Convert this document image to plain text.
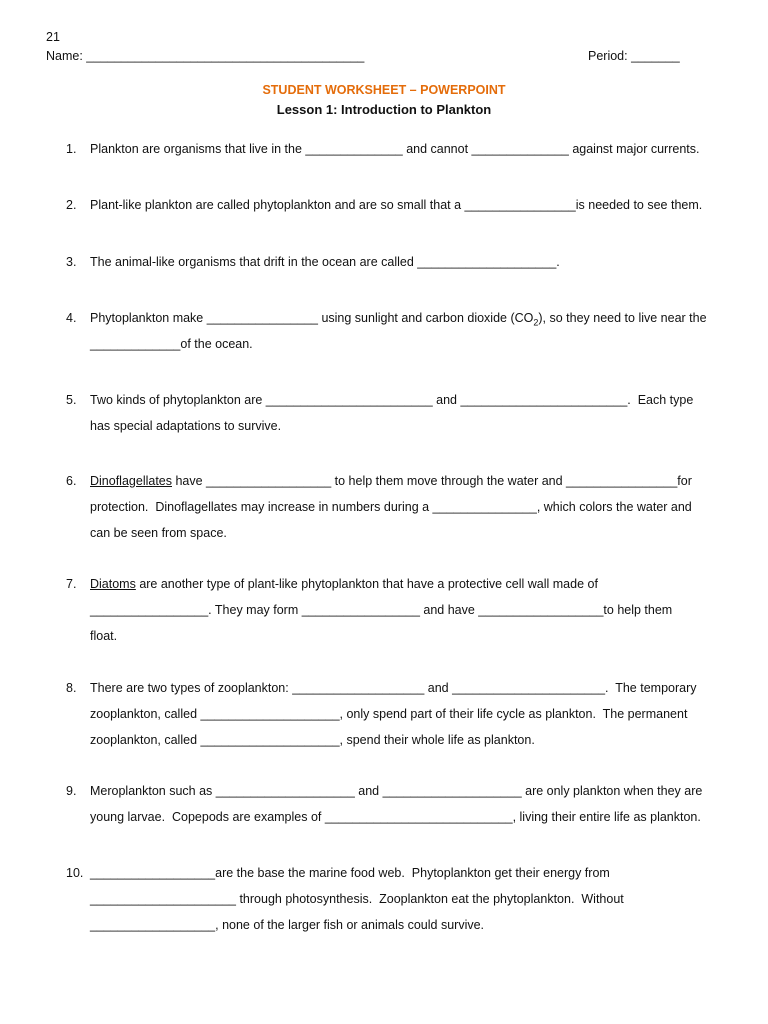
21
Name: ________________________________________	Period: _______
STUDENT WORKSHEET – POWERPOINT
Lesson 1: Introduction to Plankton
1.	Plankton are organisms that live in the ______________ and cannot ______________ against major currents.
2.	Plant-like plankton are called phytoplankton and are so small that a ________________is needed to see them.
3.	The animal-like organisms that drift in the ocean are called ____________________.
4.	Phytoplankton make ________________ using sunlight and carbon dioxide $(CO_2)$, so they need to live near the
_____________of the ocean.
5.	Two kinds of phytoplankton are ________________________ and ________________________.  Each type
has special adaptations to survive.
6.	Dinoflagellates have __________________ to help them move through the water and ________________for
protection.  Dinoflagellates may increase in numbers during a _______________, which colors the water and
can be seen from space.
7.	Diatoms are another type of plant-like phytoplankton that have a protective cell wall made of
_________________. They may form _________________ and have __________________to help them
float.
8.	There are two types of zooplankton: ___________________ and ______________________.  The temporary
zooplankton, called ____________________, only spend part of their life cycle as plankton.  The permanent
zooplankton, called ____________________, spend their whole life as plankton.
9.	Meroplankton such as ____________________ and ____________________ are only plankton when they are
young larvae.  Copepods are examples of ___________________________, living their entire life as plankton.
10. __________________are the base the marine food web.  Phytoplankton get their energy from
_____________________ through photosynthesis.  Zooplankton eat the phytoplankton.  Without
__________________, none of the larger fish or animals could survive.
